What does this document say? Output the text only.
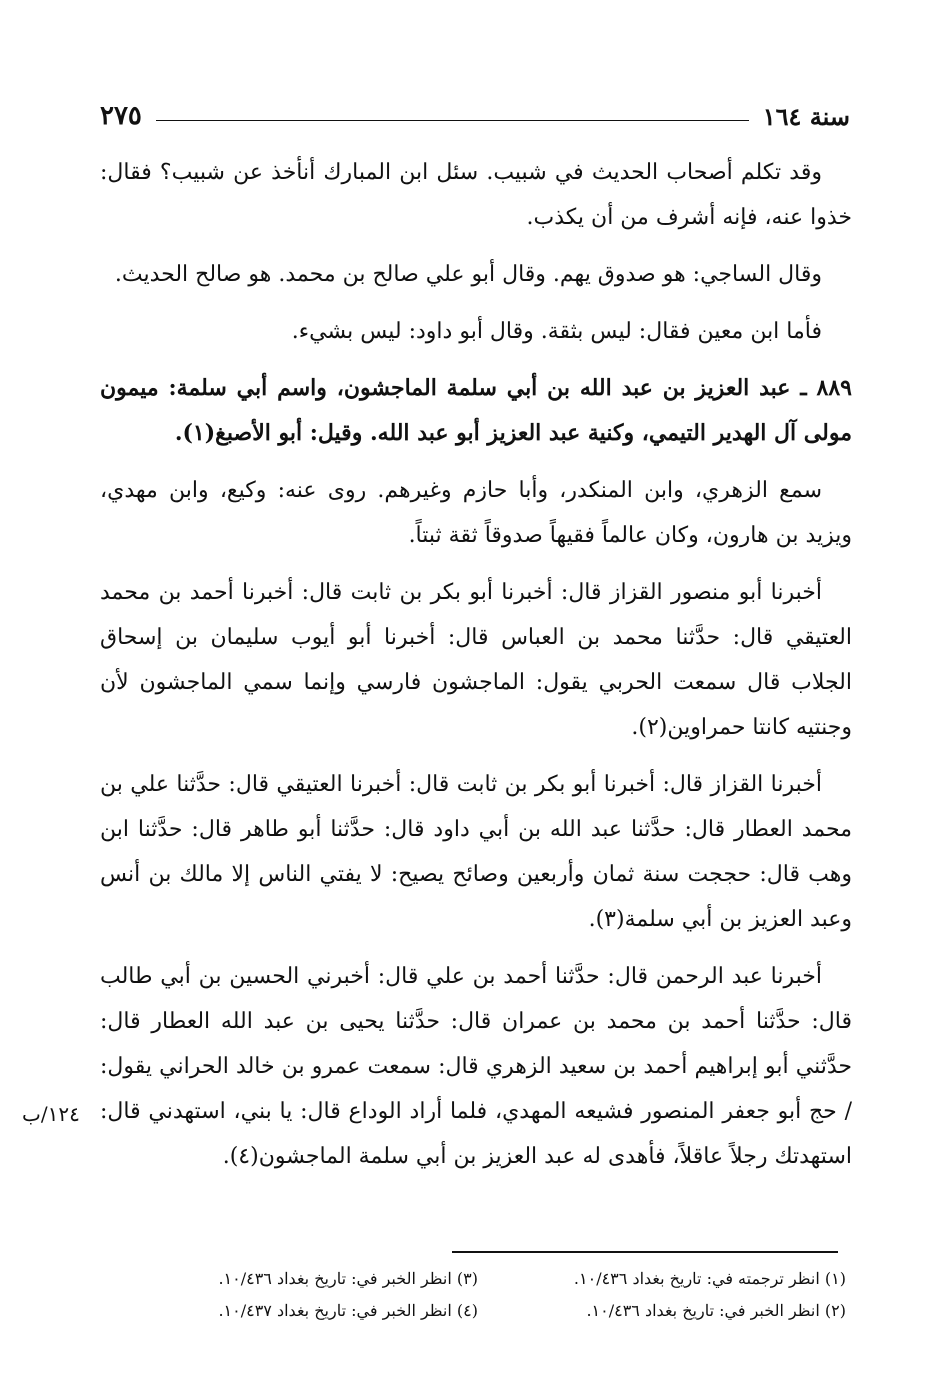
سنة ١٦٤
٢٧٥

وقد تكلم أصحاب الحديث في شبيب. سئل ابن المبارك أنأخذ عن شبيب؟ فقال: خذوا عنه، فإنه أشرف من أن يكذب.

وقال الساجي: هو صدوق يهم. وقال أبو علي صالح بن محمد. هو صالح الحديث.

فأما ابن معين فقال: ليس بثقة. وقال أبو داود: ليس بشيء.

٨٨٩ ـ عبد العزيز بن عبد الله بن أبي سلمة الماجشون، واسم أبي سلمة: ميمون مولى آل الهدير التيمي، وكنية عبد العزيز أبو عبد الله. وقيل: أبو الأصبغ(١).

سمع الزهري، وابن المنكدر، وأبا حازم وغيرهم. روى عنه: وكيع، وابن مهدي، ويزيد بن هارون، وكان عالماً فقيهاً صدوقاً ثقة ثبتاً.

أخبرنا أبو منصور القزاز قال: أخبرنا أبو بكر بن ثابت قال: أخبرنا أحمد بن محمد العتيقي قال: حدَّثنا محمد بن العباس قال: أخبرنا أبو أيوب سليمان بن إسحاق الجلاب قال سمعت الحربي يقول: الماجشون فارسي وإنما سمي الماجشون لأن وجنتيه كانتا حمراوين(٢).

أخبرنا القزاز قال: أخبرنا أبو بكر بن ثابت قال: أخبرنا العتيقي قال: حدَّثنا علي بن محمد العطار قال: حدَّثنا عبد الله بن أبي داود قال: حدَّثنا أبو طاهر قال: حدَّثنا ابن وهب قال: حججت سنة ثمان وأربعين وصائح يصيح: لا يفتي الناس إلا مالك بن أنس وعبد العزيز بن أبي سلمة(٣).

أخبرنا عبد الرحمن قال: حدَّثنا أحمد بن علي قال: أخبرني الحسين بن أبي طالب قال: حدَّثنا أحمد بن محمد بن عمران قال: حدَّثنا يحيى بن عبد الله العطار قال: حدَّثني أبو إبراهيم أحمد بن سعيد الزهري قال: سمعت عمرو بن خالد الحراني يقول: / حج أبو جعفر المنصور فشيعه المهدي، فلما أراد الوداع قال: يا بني، استهدني قال: استهدتك رجلاً عاقلاً، فأهدى له عبد العزيز بن أبي سلمة الماجشون(٤).

١٢٤/ب
(١) انظر ترجمته في: تاريخ بغداد ١٠/٤٣٦.
(٣) انظر الخبر في: تاريخ بغداد ١٠/٤٣٦.
(٢) انظر الخبر في: تاريخ بغداد ١٠/٤٣٦.
(٤) انظر الخبر في: تاريخ بغداد ١٠/٤٣٧.
